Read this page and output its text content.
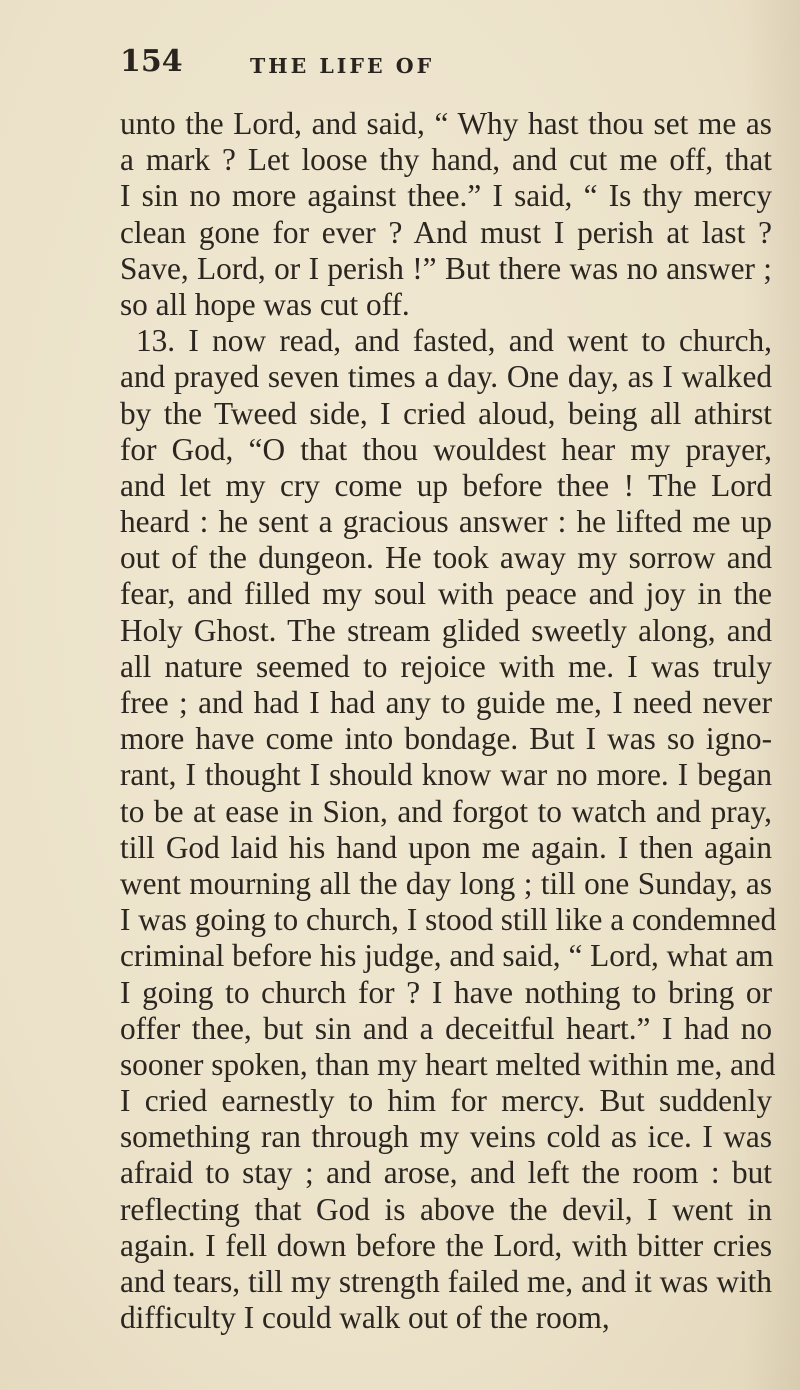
154	THE LIFE OF
unto the Lord, and said, “ Why hast thou set me as
a mark ? Let loose thy hand, and cut me off, that
I sin no more against thee.” I said, “ Is thy mercy
clean gone for ever ? And must I perish at last ?
Save, Lord, or I perish !” But there was no answer ;
so all hope was cut off.
13. I now read, and fasted, and went to church,
and prayed seven times a day. One day, as I walked
by the Tweed side, I cried aloud, being all athirst
for God, “O that thou wouldest hear my prayer,
and let my cry come up before thee ! The Lord
heard : he sent a gracious answer : he lifted me up
out of the dungeon. He took away my sorrow and
fear, and filled my soul with peace and joy in the
Holy Ghost. The stream glided sweetly along, and
all nature seemed to rejoice with me. I was truly
free ; and had I had any to guide me, I need never
more have come into bondage. But I was so igno-
rant, I thought I should know war no more. I began
to be at ease in Sion, and forgot to watch and pray,
till God laid his hand upon me again. I then again
went mourning all the day long ; till one Sunday, as
I was going to church, I stood still like a condemned
criminal before his judge, and said, “ Lord, what am
I going to church for ? I have nothing to bring or
offer thee, but sin and a deceitful heart.” I had no
sooner spoken, than my heart melted within me, and
I cried earnestly to him for mercy. But suddenly
something ran through my veins cold as ice. I was
afraid to stay ; and arose, and left the room : but
reflecting that God is above the devil, I went in
again. I fell down before the Lord, with bitter cries
and tears, till my strength failed me, and it was with
difficulty I could walk out of the room,
